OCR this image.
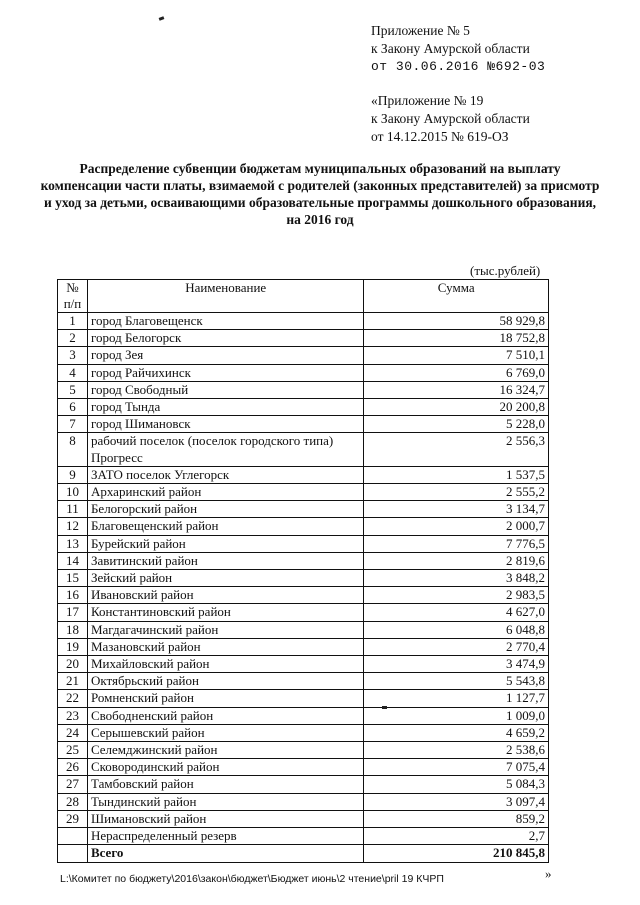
Приложение № 5
к Закону Амурской области
от 30.06.2016 №692-03
«Приложение № 19
к Закону Амурской области
от 14.12.2015 № 619-ОЗ
Распределение субвенции бюджетам муниципальных образований на выплату компенсации части платы, взимаемой с родителей (законных представителей) за присмотр и уход за детьми, осваивающими образовательные программы дошкольного образования, на 2016 год
(тыс.рублей)
№ п/п	Наименование	Сумма
1	город Благовещенск	58 929,8
2	город Белогорск	18 752,8
3	город Зея	7 510,1
4	город Райчихинск	6 769,0
5	город Свободный	16 324,7
6	город Тында	20 200,8
7	город Шимановск	5 228,0
8	рабочий поселок (поселок городского типа) Прогресс	2 556,3
9	ЗАТО поселок Углегорск	1 537,5
10	Архаринский район	2 555,2
11	Белогорский район	3 134,7
12	Благовещенский район	2 000,7
13	Бурейский район	7 776,5
14	Завитинский район	2 819,6
15	Зейский район	3 848,2
16	Ивановский район	2 983,5
17	Константиновский район	4 627,0
18	Магдагачинский район	6 048,8
19	Мазановский район	2 770,4
20	Михайловский район	3 474,9
21	Октябрьский район	5 543,8
22	Ромненский район	1 127,7
23	Свободненский район	1 009,0
24	Серышевский район	4 659,2
25	Селемджинский район	2 538,6
26	Сковородинский район	7 075,4
27	Тамбовский район	5 084,3
28	Тындинский район	3 097,4
29	Шимановский район	859,2
	Нераспределенный резерв	2,7
	Всего	210 845,8
»
L:\Комитет по бюджету\2016\закон\бюджет\Бюджет июнь\2 чтение\pril 19 КЧРП
